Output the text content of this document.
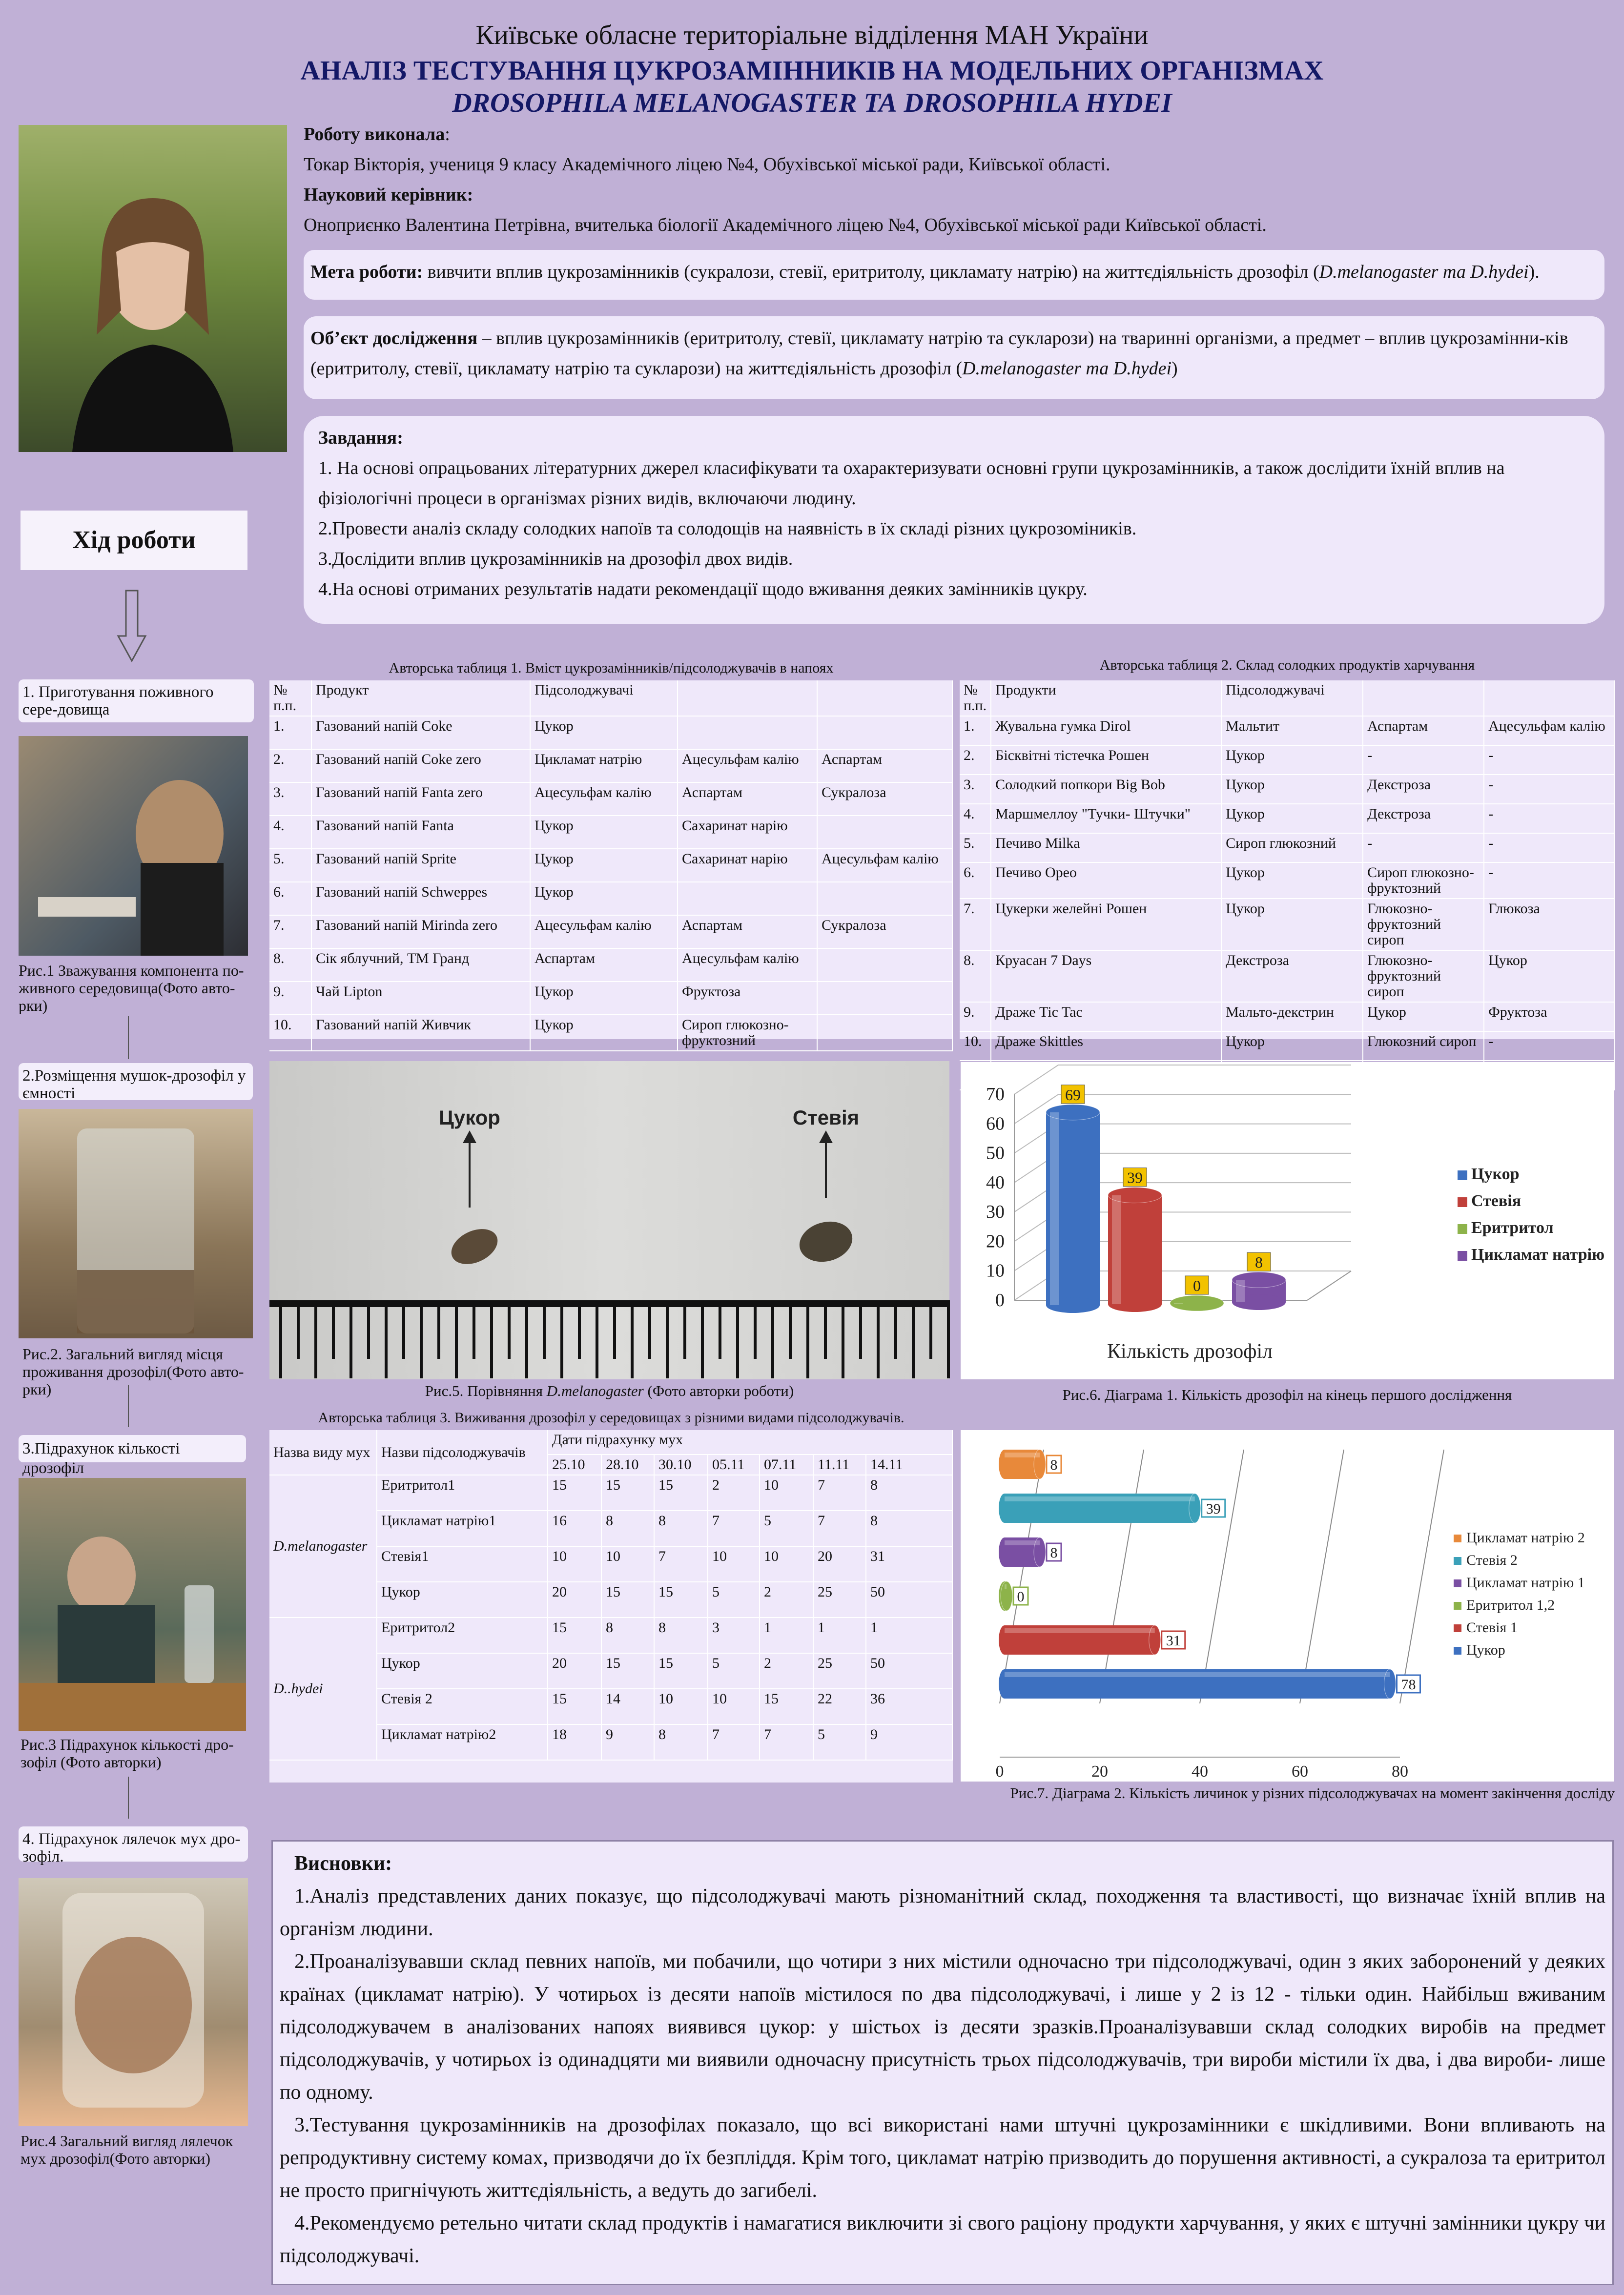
Київське обласне територіальне відділення МАН України
АНАЛІЗ ТЕСТУВАННЯ ЦУКРОЗАМІННИКІВ НА МОДЕЛЬНИХ ОРГАНІЗМАХ
DROSOPHILA MELANOGASTER ТА DROSOPHILA HYDEI
Роботу виконала:
Токар Вікторія, учениця 9 класу Академічного ліцею №4, Обухівської міської ради, Київської області.
Науковий керівник:
Оноприєнко Валентина Петрівна, вчителька біології Академічного ліцею №4, Обухівської міської ради Київської області.
Мета роботи: вивчити вплив цукрозамінників (сукралози, стевії, еритритолу, цикламату натрію) на життєдіяльність дрозофіл (D.melanogaster та D.hydei).
Об’єкт дослідження – вплив цукрозамінників (еритритолу, стевії, цикламату натрію та сукларози) на тваринні організми, а предмет – вплив цукрозамінни-ків (еритритолу, стевії, цикламату натрію та сукларози) на життєдіяльність дрозофіл (D.melanogaster та D.hydei)
Завдання:
1. На основі опрацьованих літературних джерел класифікувати та охарактеризувати основні групи цукрозамінників, а також дослідити їхній вплив на фізіологічні процеси в організмах різних видів, включаючи людину.
2.Провести аналіз складу солодких напоїв та солодощів на наявність в їх складі різних цукрозоміників.
3.Дослідити вплив цукрозамінників на дрозофіл двох видів.
4.На основі отриманих результатів надати рекомендації щодо вживання деяких замінників цукру.
Хід роботи
1. Приготування поживного сере-довища
Рис.1 Зважування компонента по-живного середовища(Фото авто-рки)
2.Розміщення мушок-дрозофіл у ємності
Рис.2. Загальний вигляд місця проживання дрозофіл(Фото авто-рки)
3.Підрахунок кількості дрозофіл
Рис.3 Підрахунок кількості дро-зофіл (Фото авторки)
4. Підрахунок лялечок мух дро-зофіл.
Рис.4 Загальний вигляд лялечок мух дрозофіл(Фото авторки)
Авторська таблиця 1. Вміст цукрозамінників/підсолоджувачів в напоях
№ п.п.	Продукт	Підсолоджувачі		
1.	Газований напій Coke	Цукор		
2.	Газований напій Coke zero	Цикламат натрію	Ацесульфам калію	Аспартам
3.	Газований напій Fanta zero	Ацесульфам калію	Аспартам	Сукралоза
4.	Газований напій Fanta	Цукор	Сахаринат нарію	
5.	Газований напій Sprite	Цукор	Сахаринат нарію	Ацесульфам калію
6.	Газований напій Schweppes	Цукор		
7.	Газований напій Mirinda zero	Ацесульфам калію	Аспартам	Сукралоза
8.	Сік яблучний, ТМ Гранд	Аспартам	Ацесульфам калію	
9.	Чай Lipton	Цукор	Фруктоза	
10.	Газований напій Живчик	Цукор	Сироп глюкозно-фруктозний	
Авторська таблиця 2. Склад солодких продуктів харчування
№ п.п.	Продукти	Підсолоджувачі		
1.	Жувальна гумка Dirol	Мальтит	Аспартам	Ацесульфам калію
2.	Бісквітні тістечка Рошен	Цукор	-	-
3.	Солодкий попкори Big Bob	Цукор	Декстроза	-
4.	Маршмеллоу "Тучки- Штучки"	Цукор	Декстроза	-
5.	Печиво Milka	Сироп глюкозний	-	-
6.	Печиво Орео	Цукор	Сироп глюкозно-фруктозний	-
7.	Цукерки желейні Рошен	Цукор	Глюкозно-фруктозний сироп	Глюкоза
8.	Круасан 7 Days	Декстроза	Глюкозно-фруктозний сироп	Цукор
9.	Драже Tic Tac	Мальто-декстрин	Цукор	Фруктоза
10.	Драже Skittles	Цукор	Глюкозний сироп	-

Цукор	Стевія
Рис.5. Порівняння D.melanogaster (Фото авторки роботи)
0
10
20
30
40
50
60
70	69
39
0
8
Кількість дрозофіл
Цукор
Стевія
Еритритол
Цикламат натрію
Рис.6. Діаграма 1. Кількість дрозофіл на кінець першого дослідження
Авторська таблиця 3. Виживання дрозофіл у середовищах з різними видами підсолоджувачів.
Назва виду мух	Назви підсолоджувачів	Дати підрахунку мух						
		25.10	28.10	30.10	05.11	07.11	11.11	14.11
D.melanogaster	Еритритол1	15	15	15	2	10	7	8
	Цикламат натрію1	16	8	8	7	5	7	8
	Стевія1	10	10	7	10	10	20	31
	Цукор	20	15	15	5	2	25	50
D..hydei	Еритритол2	15	8	8	3	1	1	1
	Цукор	20	15	15	5	2	25	50
	Стевія 2	15	14	10	10	15	22	36
	Цикламат натрію2	18	9	8	7	7	5	9
0	20	40	60	80
78
31
0
8
39
8
Цикламат натрію 2
Стевія 2
Цикламат натрію 1
Еритритол 1,2
Стевія 1
Цукор
Рис.7. Діаграма 2. Кількість личинок у різних підсолоджувачах на момент закінчення досліду
Висновки:
1.Аналіз представлених даних показує, що підсолоджувачі мають різноманітний склад, походження та властивості, що визначає їхній вплив на організм людини.
2.Проаналізувавши склад певних напоїв, ми побачили, що чотири з них містили одночасно три підсолоджувачі, один з яких заборонений у деяких країнах (цикламат натрію). У чотирьох із десяти напоїв містилося по два підсолоджувачі, і лише у 2 із 12 - тільки один. Найбільш вживаним підсолоджувачем в аналізованих напоях виявився цукор: у шістьох із десяти зразків.Проаналізувавши склад солодких виробів на предмет підсолоджувачів, у чотирьох із одинадцяти ми виявили одночасну присутність трьох підсолоджувачів, три вироби містили їх два, і два вироби- лише по одному.
3.Тестування цукрозамінників на дрозофілах показало, що всі використані нами штучні цукрозамінники є шкідливими. Вони впливають на репродуктивну систему комах, призводячи до їх безпліддя. Крім того, цикламат натрію призводить до порушення активності, а сукралоза та еритритол не просто пригнічують життєдіяльність, а ведуть до загибелі.
4.Рекомендуємо ретельно читати склад продуктів і намагатися виключити зі свого раціону продукти харчування, у яких є штучні замінники цукру чи підсолоджувачі.
